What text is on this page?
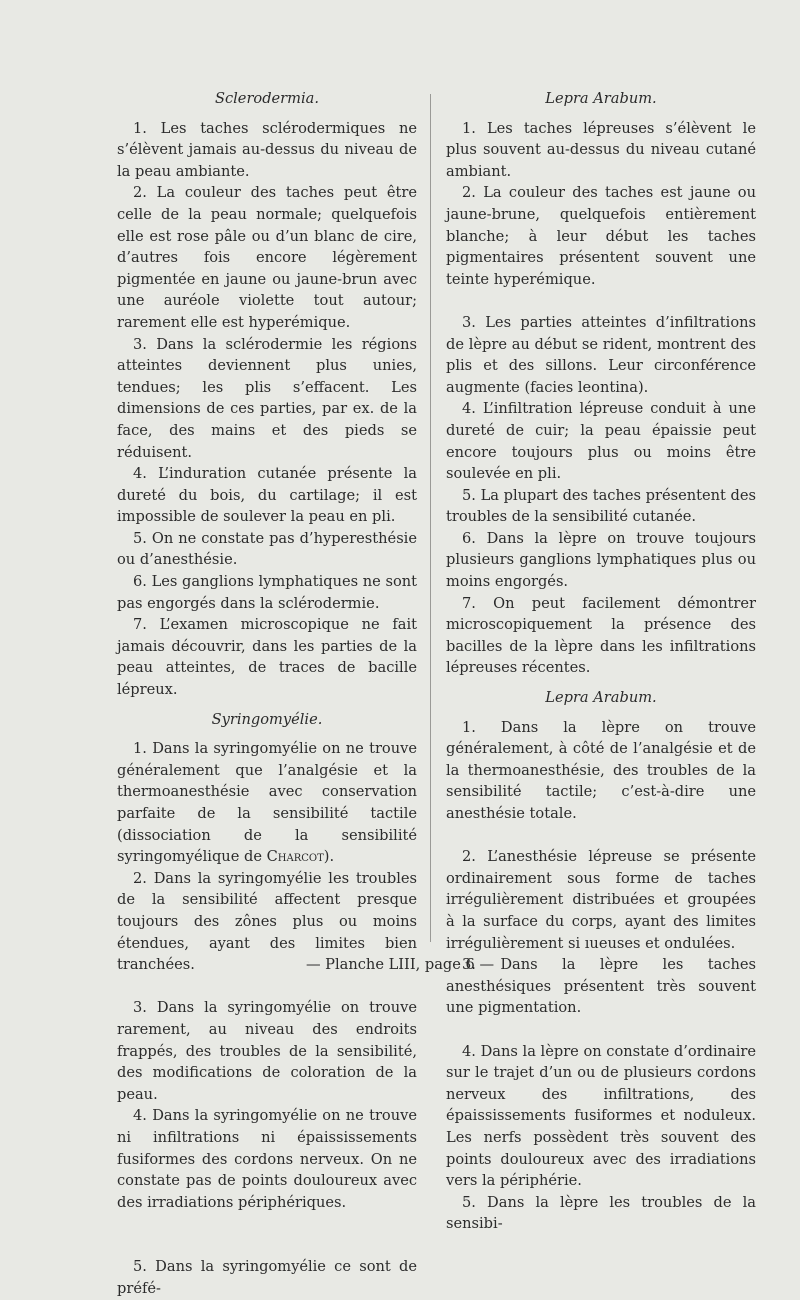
Sclerodermia.

1. Les taches sclérodermiques ne s’élèvent jamais au-dessus du niveau de la peau ambiante.

2. La couleur des taches peut être celle de la peau normale; quelquefois elle est rose pâle ou d’un blanc de cire, d’autres fois encore légèrement pigmentée en jaune ou jaune-brun avec une auréole violette tout autour; rarement elle est hyperémique.

3. Dans la sclérodermie les régions atteintes deviennent plus unies, tendues; les plis s’effacent. Les dimensions de ces parties, par ex. de la face, des mains et des pieds se réduisent.

4. L’induration cutanée présente la dureté du bois, du cartilage; il est impossible de soulever la peau en pli.

5. On ne constate pas d’hyperesthésie ou d’anesthésie.

6. Les ganglions lymphatiques ne sont pas engorgés dans la sclérodermie.

7. L’examen microscopique ne fait jamais découvrir, dans les parties de la peau atteintes, de traces de bacille lépreux.

Syringomyélie.

1. Dans la syringomyélie on ne trouve généralement que l’analgésie et la thermoanesthésie avec conservation parfaite de la sensibilité tactile (dissociation de la sensibilité syringomyélique de Charcot).

2. Dans la syringomyélie les troubles de la sensibilité affectent presque toujours des zônes plus ou moins étendues, ayant des limites bien tranchées.

3. Dans la syringomyélie on trouve rarement, au niveau des endroits frappés, des troubles de la sensibilité, des modifications de coloration de la peau.

4. Dans la syringomyélie on ne trouve ni infiltrations ni épaississements fusiformes des cordons nerveux. On ne constate pas de points douloureux avec des irradiations périphériques.

5. Dans la syringomyélie ce sont de préfé-

Lepra Arabum.

1. Les taches lépreuses s’élèvent le plus souvent au-dessus du niveau cutané ambiant.

2. La couleur des taches est jaune ou jaune-brune, quelquefois entièrement blanche; à leur début les taches pigmentaires présentent souvent une teinte hyperémique.

3. Les parties atteintes d’infiltrations de lèpre au début se rident, montrent des plis et des sillons. Leur circonférence augmente (facies leontina).

4. L’infiltration lépreuse conduit à une dureté de cuir; la peau épaissie peut encore toujours plus ou moins être soulevée en pli.

5. La plupart des taches présentent des troubles de la sensibilité cutanée.

6. Dans la lèpre on trouve toujours plusieurs ganglions lymphatiques plus ou moins engorgés.

7. On peut facilement démontrer microscopiquement la présence des bacilles de la lèpre dans les infiltrations lépreuses récentes.

Lepra Arabum.

1. Dans la lèpre on trouve généralement, à côté de l’analgésie et de la thermoanesthésie, des troubles de la sensibilité tactile; c’est-à-dire une anesthésie totale.

2. L’anesthésie lépreuse se présente ordinairement sous forme de taches irrégulièrement distribuées et groupées à la surface du corps, ayant des limites irrégulièrement si ıueuses et ondulées.

3. Dans la lèpre les taches anesthésiques présentent très souvent une pigmentation.

4. Dans la lèpre on constate d’ordinaire sur le trajet d’un ou de plusieurs cordons nerveux des infiltrations, des épaississements fusiformes et noduleux. Les nerfs possèdent très souvent des points douloureux avec des irradiations vers la périphérie.

5. Dans la lèpre les troubles de la sensibi-

— Planche LIII, page 6 —
